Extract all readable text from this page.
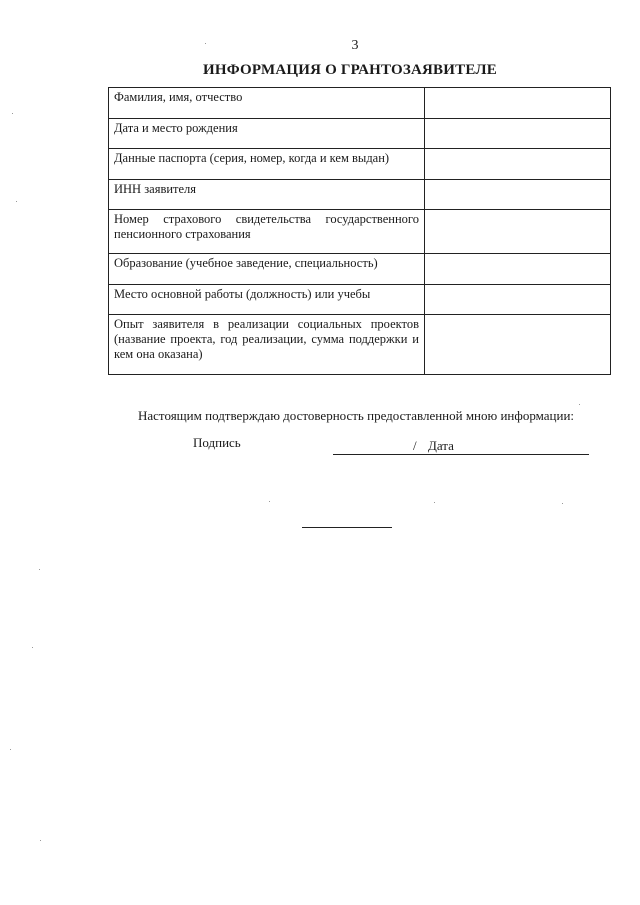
3
ИНФОРМАЦИЯ О ГРАНТОЗАЯВИТЕЛЕ
Фамилия, имя, отчество	
Дата и место рождения	
Данные паспорта (серия, номер, когда и кем выдан)	
ИНН заявителя	
Номер страхового свидетельства государственного пенсионного страхования	
Образование (учебное заведение, специальность)	
Место основной работы (должность) или учебы	
Опыт заявителя в реализации социальных проектов (название проекта, год реализации, сумма поддержки и кем она оказана)	
Настоящим подтверждаю достоверность предоставленной мною информации:
Подпись	/ Дата
